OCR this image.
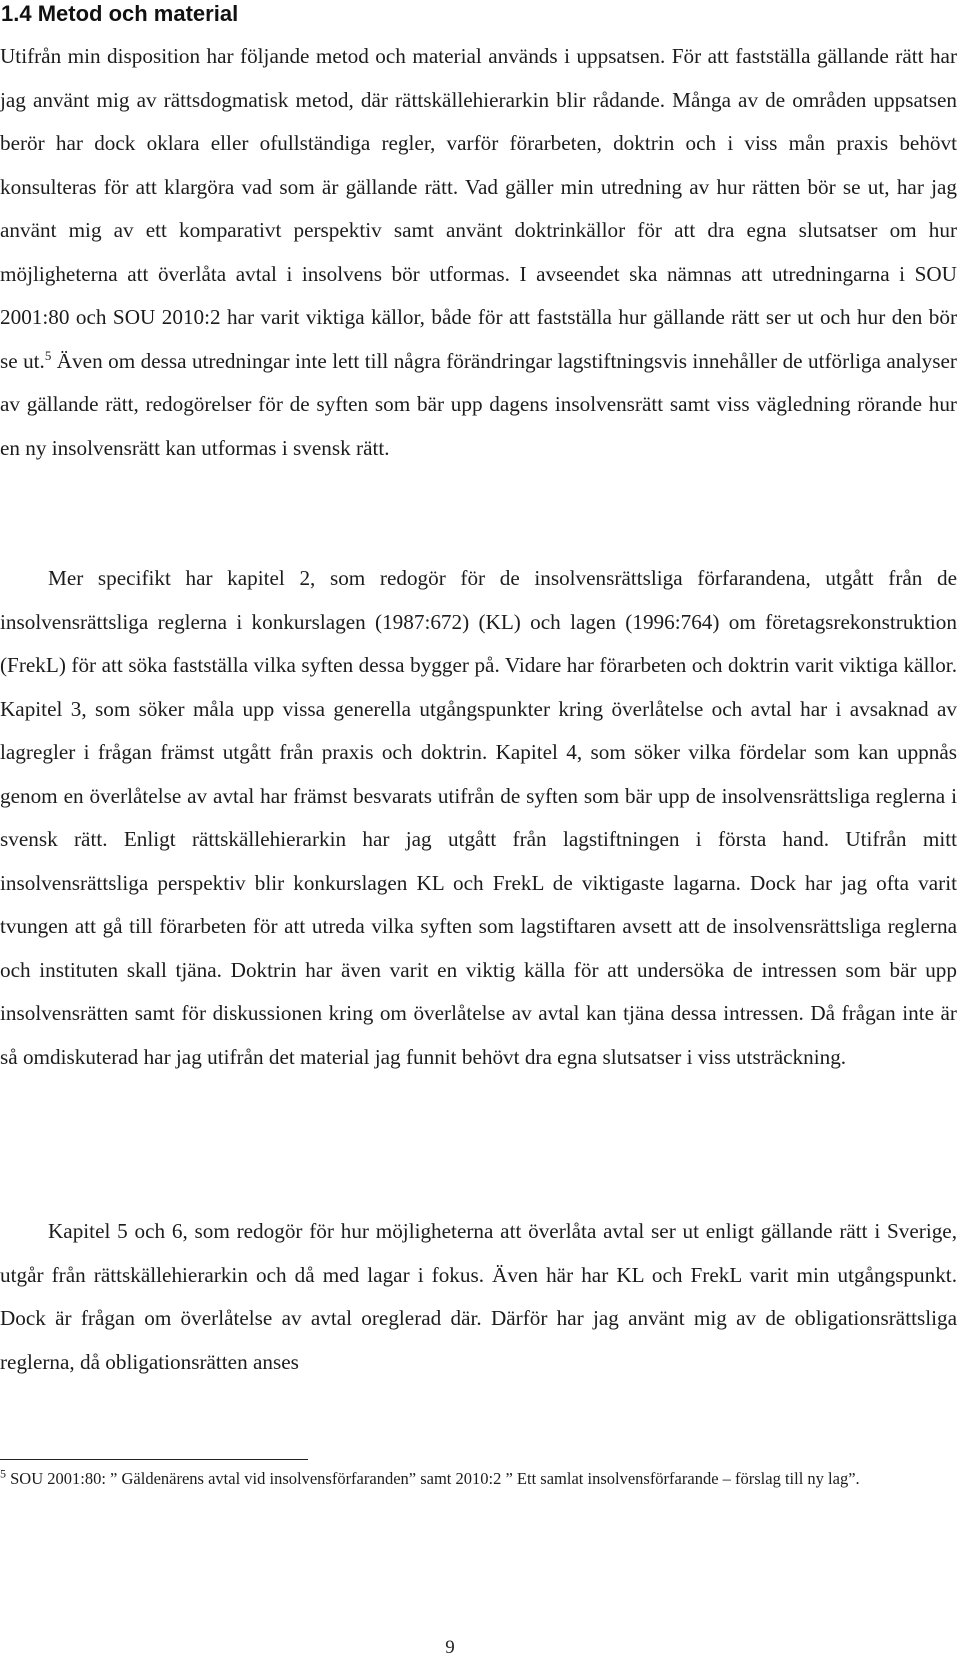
1.4 Metod och material

Utifrån min disposition har följande metod och material används i uppsatsen. För att fastställa gällande rätt har jag använt mig av rättsdogmatisk metod, där rättskällehierarkin blir rådande. Många av de områden uppsatsen berör har dock oklara eller ofullständiga regler, varför förarbeten, doktrin och i viss mån praxis behövt konsulteras för att klargöra vad som är gällande rätt. Vad gäller min utredning av hur rätten bör se ut, har jag använt mig av ett komparativt perspektiv samt använt doktrinkällor för att dra egna slutsatser om hur möjligheterna att överlåta avtal i insolvens bör utformas. I avseendet ska nämnas att utredningarna i SOU 2001:80 och SOU 2010:2 har varit viktiga källor, både för att fastställa hur gällande rätt ser ut och hur den bör se ut.$^5$ Även om dessa utredningar inte lett till några förändringar lagstiftningsvis innehåller de utförliga analyser av gällande rätt, redogörelser för de syften som bär upp dagens insolvensrätt samt viss vägledning rörande hur en ny insolvensrätt kan utformas i svensk rätt.

Mer specifikt har kapitel 2, som redogör för de insolvensrättsliga förfarandena, utgått från de insolvensrättsliga reglerna i konkurslagen (1987:672) (KL) och lagen (1996:764) om företagsrekonstruktion (FrekL) för att söka fastställa vilka syften dessa bygger på. Vidare har förarbeten och doktrin varit viktiga källor. Kapitel 3, som söker måla upp vissa generella utgångspunkter kring överlåtelse och avtal har i avsaknad av lagregler i frågan främst utgått från praxis och doktrin. Kapitel 4, som söker vilka fördelar som kan uppnås genom en överlåtelse av avtal har främst besvarats utifrån de syften som bär upp de insolvensrättsliga reglerna i svensk rätt. Enligt rättskällehierarkin har jag utgått från lagstiftningen i första hand. Utifrån mitt insolvensrättsliga perspektiv blir konkurslagen KL och FrekL de viktigaste lagarna. Dock har jag ofta varit tvungen att gå till förarbeten för att utreda vilka syften som lagstiftaren avsett att de insolvensrättsliga reglerna och instituten skall tjäna. Doktrin har även varit en viktig källa för att undersöka de intressen som bär upp insolvensrätten samt för diskussionen kring om överlåtelse av avtal kan tjäna dessa intressen. Då frågan inte är så omdiskuterad har jag utifrån det material jag funnit behövt dra egna slutsatser i viss utsträckning.

Kapitel 5 och 6, som redogör för hur möjligheterna att överlåta avtal ser ut enligt gällande rätt i Sverige, utgår från rättskällehierarkin och då med lagar i fokus. Även här har KL och FrekL varit min utgångspunkt. Dock är frågan om överlåtelse av avtal oreglerad där. Därför har jag använt mig av de obligationsrättsliga reglerna, då obligationsrätten anses

$^5$ SOU 2001:80: ” Gäldenärens avtal vid insolvensförfaranden” samt 2010:2 ” Ett samlat insolvensförfarande – förslag till ny lag”.

9
